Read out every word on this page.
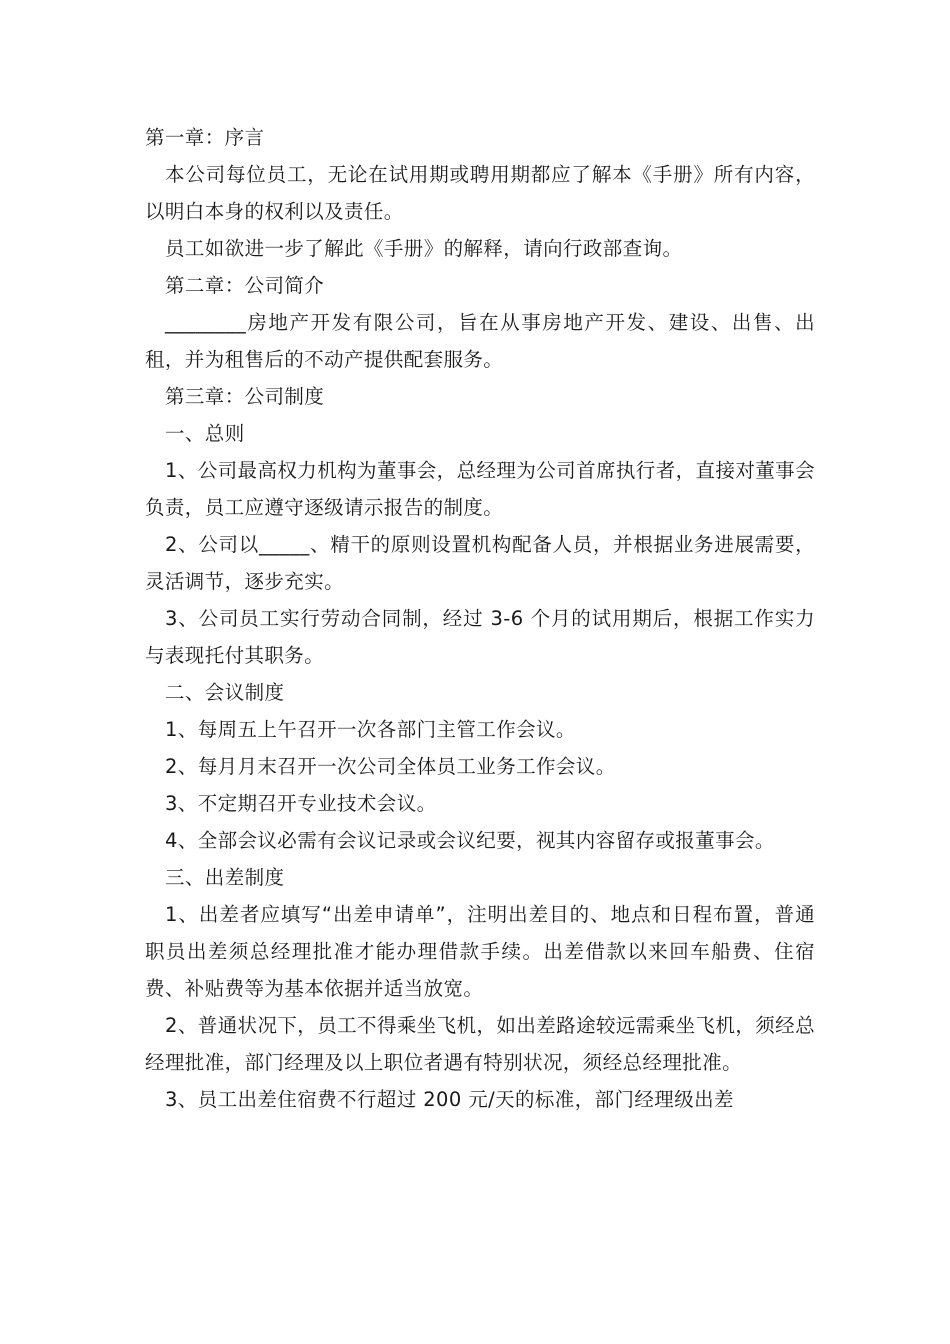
第一章：序言

本公司每位员工，无论在试用期或聘用期都应了解本《手册》所有内容，以明白本身的权利以及责任。

员工如欲进一步了解此《手册》的解释，请向行政部查询。

第二章：公司简介

________房地产开发有限公司，旨在从事房地产开发、建设、出售、出租，并为租售后的不动产提供配套服务。

第三章：公司制度

一、总则

1、公司最高权力机构为董事会，总经理为公司首席执行者，直接对董事会负责，员工应遵守逐级请示报告的制度。

2、公司以_____、精干的原则设置机构配备人员，并根据业务进展需要，灵活调节，逐步充实。

3、公司员工实行劳动合同制，经过 3-6 个月的试用期后，根据工作实力与表现托付其职务。

二、会议制度

1、每周五上午召开一次各部门主管工作会议。

2、每月月末召开一次公司全体员工业务工作会议。

3、不定期召开专业技术会议。

4、全部会议必需有会议记录或会议纪要，视其内容留存或报董事会。

三、出差制度

1、出差者应填写“出差申请单”，注明出差目的、地点和日程布置，普通职员出差须总经理批准才能办理借款手续。出差借款以来回车船费、住宿费、补贴费等为基本依据并适当放宽。

2、普通状况下，员工不得乘坐飞机，如出差路途较远需乘坐飞机，须经总经理批准，部门经理及以上职位者遇有特别状况，须经总经理批准。

3、员工出差住宿费不行超过 200 元/天的标准，部门经理级出差
